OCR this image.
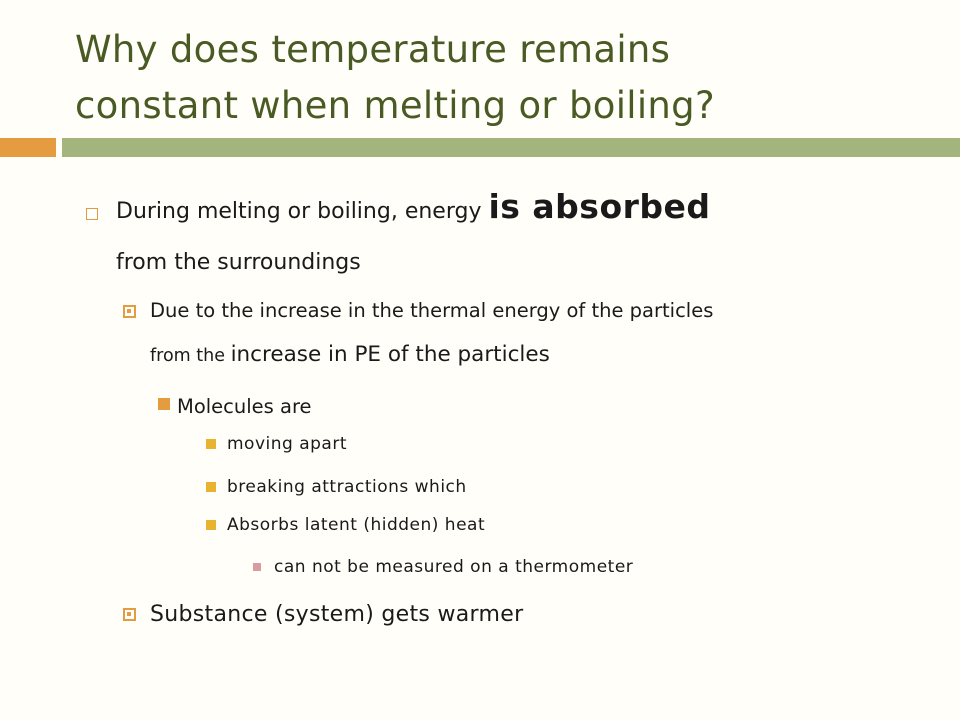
Why does temperature remains
constant when melting or boiling?
During melting or boiling, energy is absorbed
from the surroundings
Due to the increase in the thermal energy of the particles
from the increase in PE of the particles
Molecules are
moving apart
breaking attractions which
Absorbs latent (hidden) heat
can not be measured on a thermometer
Substance (system) gets warmer
